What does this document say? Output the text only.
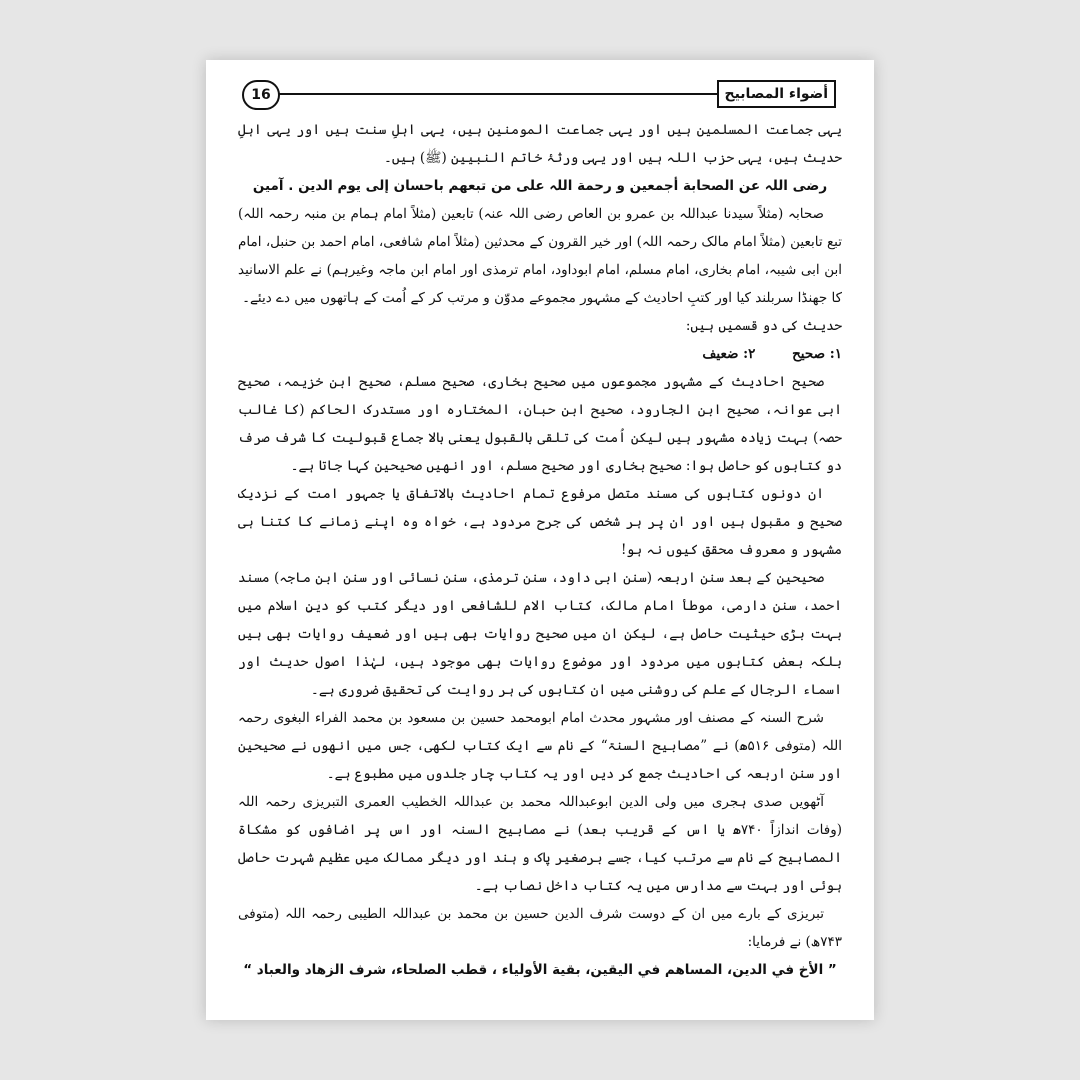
16	أضواء المصابيح

یہی جماعت المسلمین ہیں اور یہی جماعت المومنین ہیں، یہی اہلِ سنت ہیں اور یہی اہلِ حدیث ہیں، یہی حزب اللہ ہیں اور یہی ورثۂ خاتم النبیین (ﷺ) ہیں۔

رضی اللہ عن الصحابة أجمعین و رحمة اللہ علی من تبعهم باحسان إلی یوم الدین . آمین

صحابہ (مثلاً سیدنا عبداللہ بن عمرو بن العاص رضی اللہ عنہ) تابعین (مثلاً امام ہمام بن منبہ رحمہ اللہ) تبع تابعین (مثلاً امام مالک رحمہ اللہ) اور خیر القرون کے محدثین (مثلاً امام شافعی، امام احمد بن حنبل، امام ابن ابی شیبہ، امام بخاری، امام مسلم، امام ابوداود، امام ترمذی اور امام ابن ماجہ وغیرہم) نے علم الاسانید کا جھنڈا سربلند کیا اور کتبِ احادیث کے مشہور مجموعے مدوّن و مرتب کر کے اُمت کے ہاتھوں میں دے دیئے۔

حدیث کی دو قسمیں ہیں:

۱: صحیح ۲: ضعیف

صحیح احادیث کے مشہور مجموعوں میں صحیح بخاری، صحیح مسلم، صحیح ابن خزیمہ، صحیح ابی عوانہ، صحیح ابن الجارود، صحیح ابن حبان، المختارہ اور مستدرک الحاکم (کا غالب حصہ) بہت زیادہ مشہور ہیں لیکن اُمت کی تلقی بالقبول یعنی بالا جماع قبولیت کا شرف صرف دو کتابوں کو حاصل ہوا: صحیح بخاری اور صحیح مسلم، اور انھیں صحیحین کہا جاتا ہے۔

ان دونوں کتابوں کی مسند متصل مرفوع تمام احادیث بالاتفاق یا جمہور امت کے نزدیک صحیح و مقبول ہیں اور ان پر ہر شخص کی جرح مردود ہے، خواہ وہ اپنے زمانے کا کتنا ہی مشہور و معروف محقق کیوں نہ ہو!

صحیحین کے بعد سنن اربعہ (سنن ابی داود، سنن ترمذی، سنن نسائی اور سنن ابن ماجہ) مسند احمد، سنن دارمی، موطأ امام مالک، کتاب الام للشافعی اور دیگر کتب کو دینِ اسلام میں بہت بڑی حیثیت حاصل ہے، لیکن ان میں صحیح روایات بھی ہیں اور ضعیف روایات بھی ہیں بلکہ بعض کتابوں میں مردود اور موضوع روایات بھی موجود ہیں، لہٰذا اصول حدیث اور اسماء الرجال کے علم کی روشنی میں ان کتابوں کی ہر روایت کی تحقیق ضروری ہے۔

شرح السنہ کے مصنف اور مشہور محدث امام ابومحمد حسین بن مسعود بن محمد الفراء البغوی رحمہ اللہ (متوفی ۵۱۶ھ) نے ”مصابیح السنۃ“ کے نام سے ایک کتاب لکھی، جس میں انھوں نے صحیحین اور سنن اربعہ کی احادیث جمع کر دیں اور یہ کتاب چار جلدوں میں مطبوع ہے۔

آٹھویں صدی ہجری میں ولی الدین ابوعبداللہ محمد بن عبداللہ الخطیب العمری التبریزی رحمہ اللہ (وفات اندازاً ۷۴۰ھ یا اس کے قریب بعد) نے مصابیح السنہ اور اس پر اضافوں کو مشکاۃ المصابیح کے نام سے مرتب کیا، جسے برصغیر پاک و ہند اور دیگر ممالک میں عظیم شہرت حاصل ہوئی اور بہت سے مدارس میں یہ کتاب داخل نصاب ہے۔

تبریزی کے بارے میں ان کے دوست شرف الدین حسین بن محمد بن عبداللہ الطیبی رحمہ اللہ (متوفی ۷۴۳ھ) نے فرمایا:

” الأخ في الدین، المساهم في الیقین، بقیة الأولیاء ، قطب الصلحاء، شرف الزهاد والعباد “
